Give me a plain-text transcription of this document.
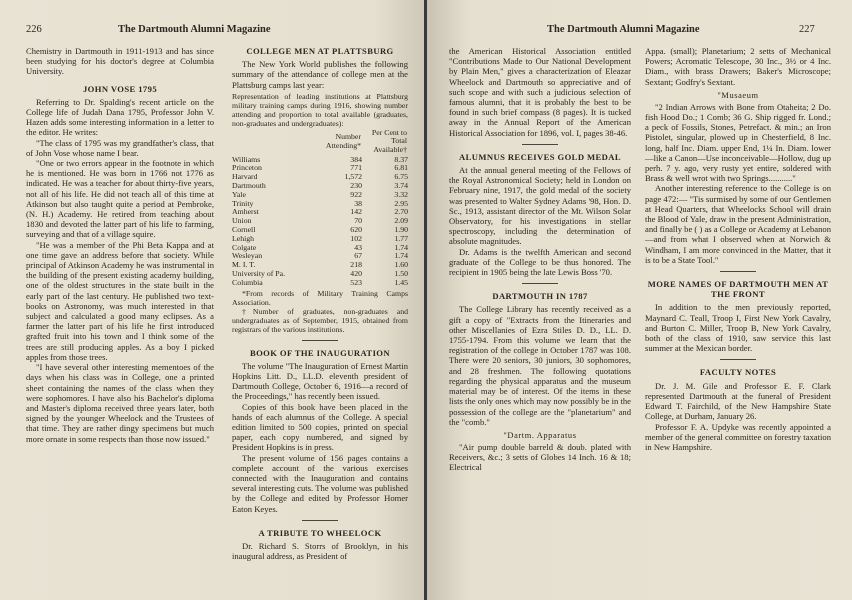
226	The Dartmouth Alumni Magazine

Chemistry in Dartmouth in 1911-1913 and has since been studying for his doctor's degree at Columbia University.

JOHN VOSE 1795

Referring to Dr. Spalding's recent article on the College life of Judah Dana 1795, Professor John V. Hazen adds some interesting information in a letter to the editor. He writes:

"The class of 1795 was my grandfather's class, that of John Vose whose name I bear.

"One or two errors appear in the footnote in which he is mentioned. He was born in 1766 not 1776 as indicated. He was a teacher for about thirty-five years, not all of his life. He did not teach all of this time at Atkinson but also taught quite a period at Pembroke, (N. H.) Academy. He retired from teaching about 1830 and devoted the latter part of his life to farming, surveying and that of a village squire.

"He was a member of the Phi Beta Kappa and at one time gave an address before that society. While principal of Atkinson Academy he was instrumental in the building of the present existing academy building, one of the oldest structures in the state built in the early part of the last century. He published two text-books on Astronomy, was much interested in that subject and calculated a good many eclipses. As a farmer the latter part of his life he first introduced grafted fruit into his town and I think some of the trees are still producing apples. As a boy I picked apples from those trees.

"I have several other interesting mementoes of the days when his class was in College, one a printed sheet containing the names of the class when they were sophomores. I have also his Bachelor's diploma and Master's diploma received three years later, both signed by the younger Wheelock and the Trustees of that time. They are rather dingy specimens but much more ornate in some respects than those now issued."

COLLEGE MEN AT PLATTSBURG

The New York World publishes the following summary of the attendance of college men at the Plattsburg camps last year:

Representation of leading institutions at Plattsburg military training camps during 1916, showing number attending and proportion to total available (graduates, non-graduates and undergraduates):

	Number Attending*	Per Cent to Total Available†
Williams	384	8.37
Princeton	771	6.81
Harvard	1,572	6.75
Dartmouth	230	3.74
Yale	922	3.32
Trinity	38	2.95
Amherst	142	2.70
Union	70	2.09
Cornell	620	1.90
Lehigh	102	1.77
Colgate	43	1.74
Wesleyan	67	1.74
M. I. T.	218	1.60
University of Pa.	420	1.50
Columbia	523	1.45

*From records of Military Training Camps Association.

†Number of graduates, non-graduates and undergraduates as of September, 1915, obtained from registrars of the various institutions.

BOOK OF THE INAUGURATION

The volume "The Inauguration of Ernest Martin Hopkins Litt. D., LL.D. eleventh president of Dartmouth College, October 6, 1916—a record of the Proceedings," has recently been issued.

Copies of this book have been placed in the hands of each alumnus of the College. A special edition limited to 500 copies, printed on special paper, each copy numbered, and signed by President Hopkins is in press.

The present volume of 156 pages contains a complete account of the various exercises connected with the Inauguration and contains several interesting cuts. The volume was published by the College and edited by Professor Homer Eaton Keyes.

A TRIBUTE TO WHEELOCK

Dr. Richard S. Storrs of Brooklyn, in his inaugural address, as President of

The Dartmouth Alumni Magazine	227

the American Historical Association entitled "Contributions Made to Our National Development by Plain Men," gives a characterization of Eleazar Wheelock and Dartmouth so appreciative and of such scope and with such a judicious selection of famous alumni, that it is probably the best to be found in such brief compass (8 pages). It is tucked away in the Annual Report of the American Historical Association for 1896, vol. I, pages 38-46.

ALUMNUS RECEIVES GOLD MEDAL

At the annual general meeting of the Fellows of the Royal Astronomical Society; held in London on February nine, 1917, the gold medal of the society was presented to Walter Sydney Adams '98, Hon. D. Sc., 1913, assistant director of the Mt. Wilson Solar Observatory, for his investigations in stellar spectroscopy, including the determination of absolute magnitudes.

Dr. Adams is the twelfth American and second graduate of the College to be thus honored. The recipient in 1905 being the late Lewis Boss '70.

DARTMOUTH IN 1787

The College Library has recently received as a gift a copy of "Extracts from the Itineraries and other Miscellanies of Ezra Stiles D. D., LL. D. 1755-1794. From this volume we learn that the registration of the college in October 1787 was 108. There were 20 seniors, 30 juniors, 30 sophomores, and 28 freshmen. The following quotations regarding the physical apparatus and the museum material may be of interest. Of the items in these lists the only ones which may now possibly be in the possession of the college are the "planetarium" and the "comb."

"Dartm. Apparatus

"Air pump double barreld & doub. plated with Receivers, &c.; 3 setts of Globes 14 Inch. 16 & 18; Electrical

Appa. (small); Planetarium; 2 setts of Mechanical Powers; Acromatic Telescope, 30 Inc., 3½ or 4 Inc. Diam., with brass Drawers; Baker's Microscope; Sextant; Godfry's Sextant.

"Musaeum

"2 Indian Arrows with Bone from Otaheita; 2 Do. fish Hood Do.; 1 Comb; 36 G. Ship rigged fr. Lond.; a peck of Fossils, Stones, Petrefact. & min.; an Iron Pistolet, singular, plowed up in Chesterfield, 8 Inc. long, half Inc. Diam. upper End, 1¼ In. Diam. lower—like a Canon—Use inconceivable—Hollow, dug up perh. 7 y. ago, very rusty yet entire, soldered with Brass & well wrot with two Springs..........."

Another interesting reference to the College is on page 472:— "Tis surmised by some of our Gentlemen at Head Quarters, that Wheelocks School will drain the Blood of Yale, draw in the present Administration, and finally be ( ) as a College or Academy at Lebanon—and from what I observed when at Norwich & Windham, I am more convinced in the Matter, that it is to be a State Tool."

MORE NAMES OF DARTMOUTH MEN AT THE FRONT

In addition to the men previously reported, Maynard C. Teall, Troop I, First New York Cavalry, and Burton C. Miller, Troop B, New York Cavalry, both of the class of 1910, saw service this last summer at the Mexican border.

FACULTY NOTES

Dr. J. M. Gile and Professor E. F. Clark represented Dartmouth at the funeral of President Edward T. Fairchild, of the New Hampshire State College, at Durham, January 26.

Professor F. A. Updyke was recently appointed a member of the general committee on forestry taxation in New Hampshire.
